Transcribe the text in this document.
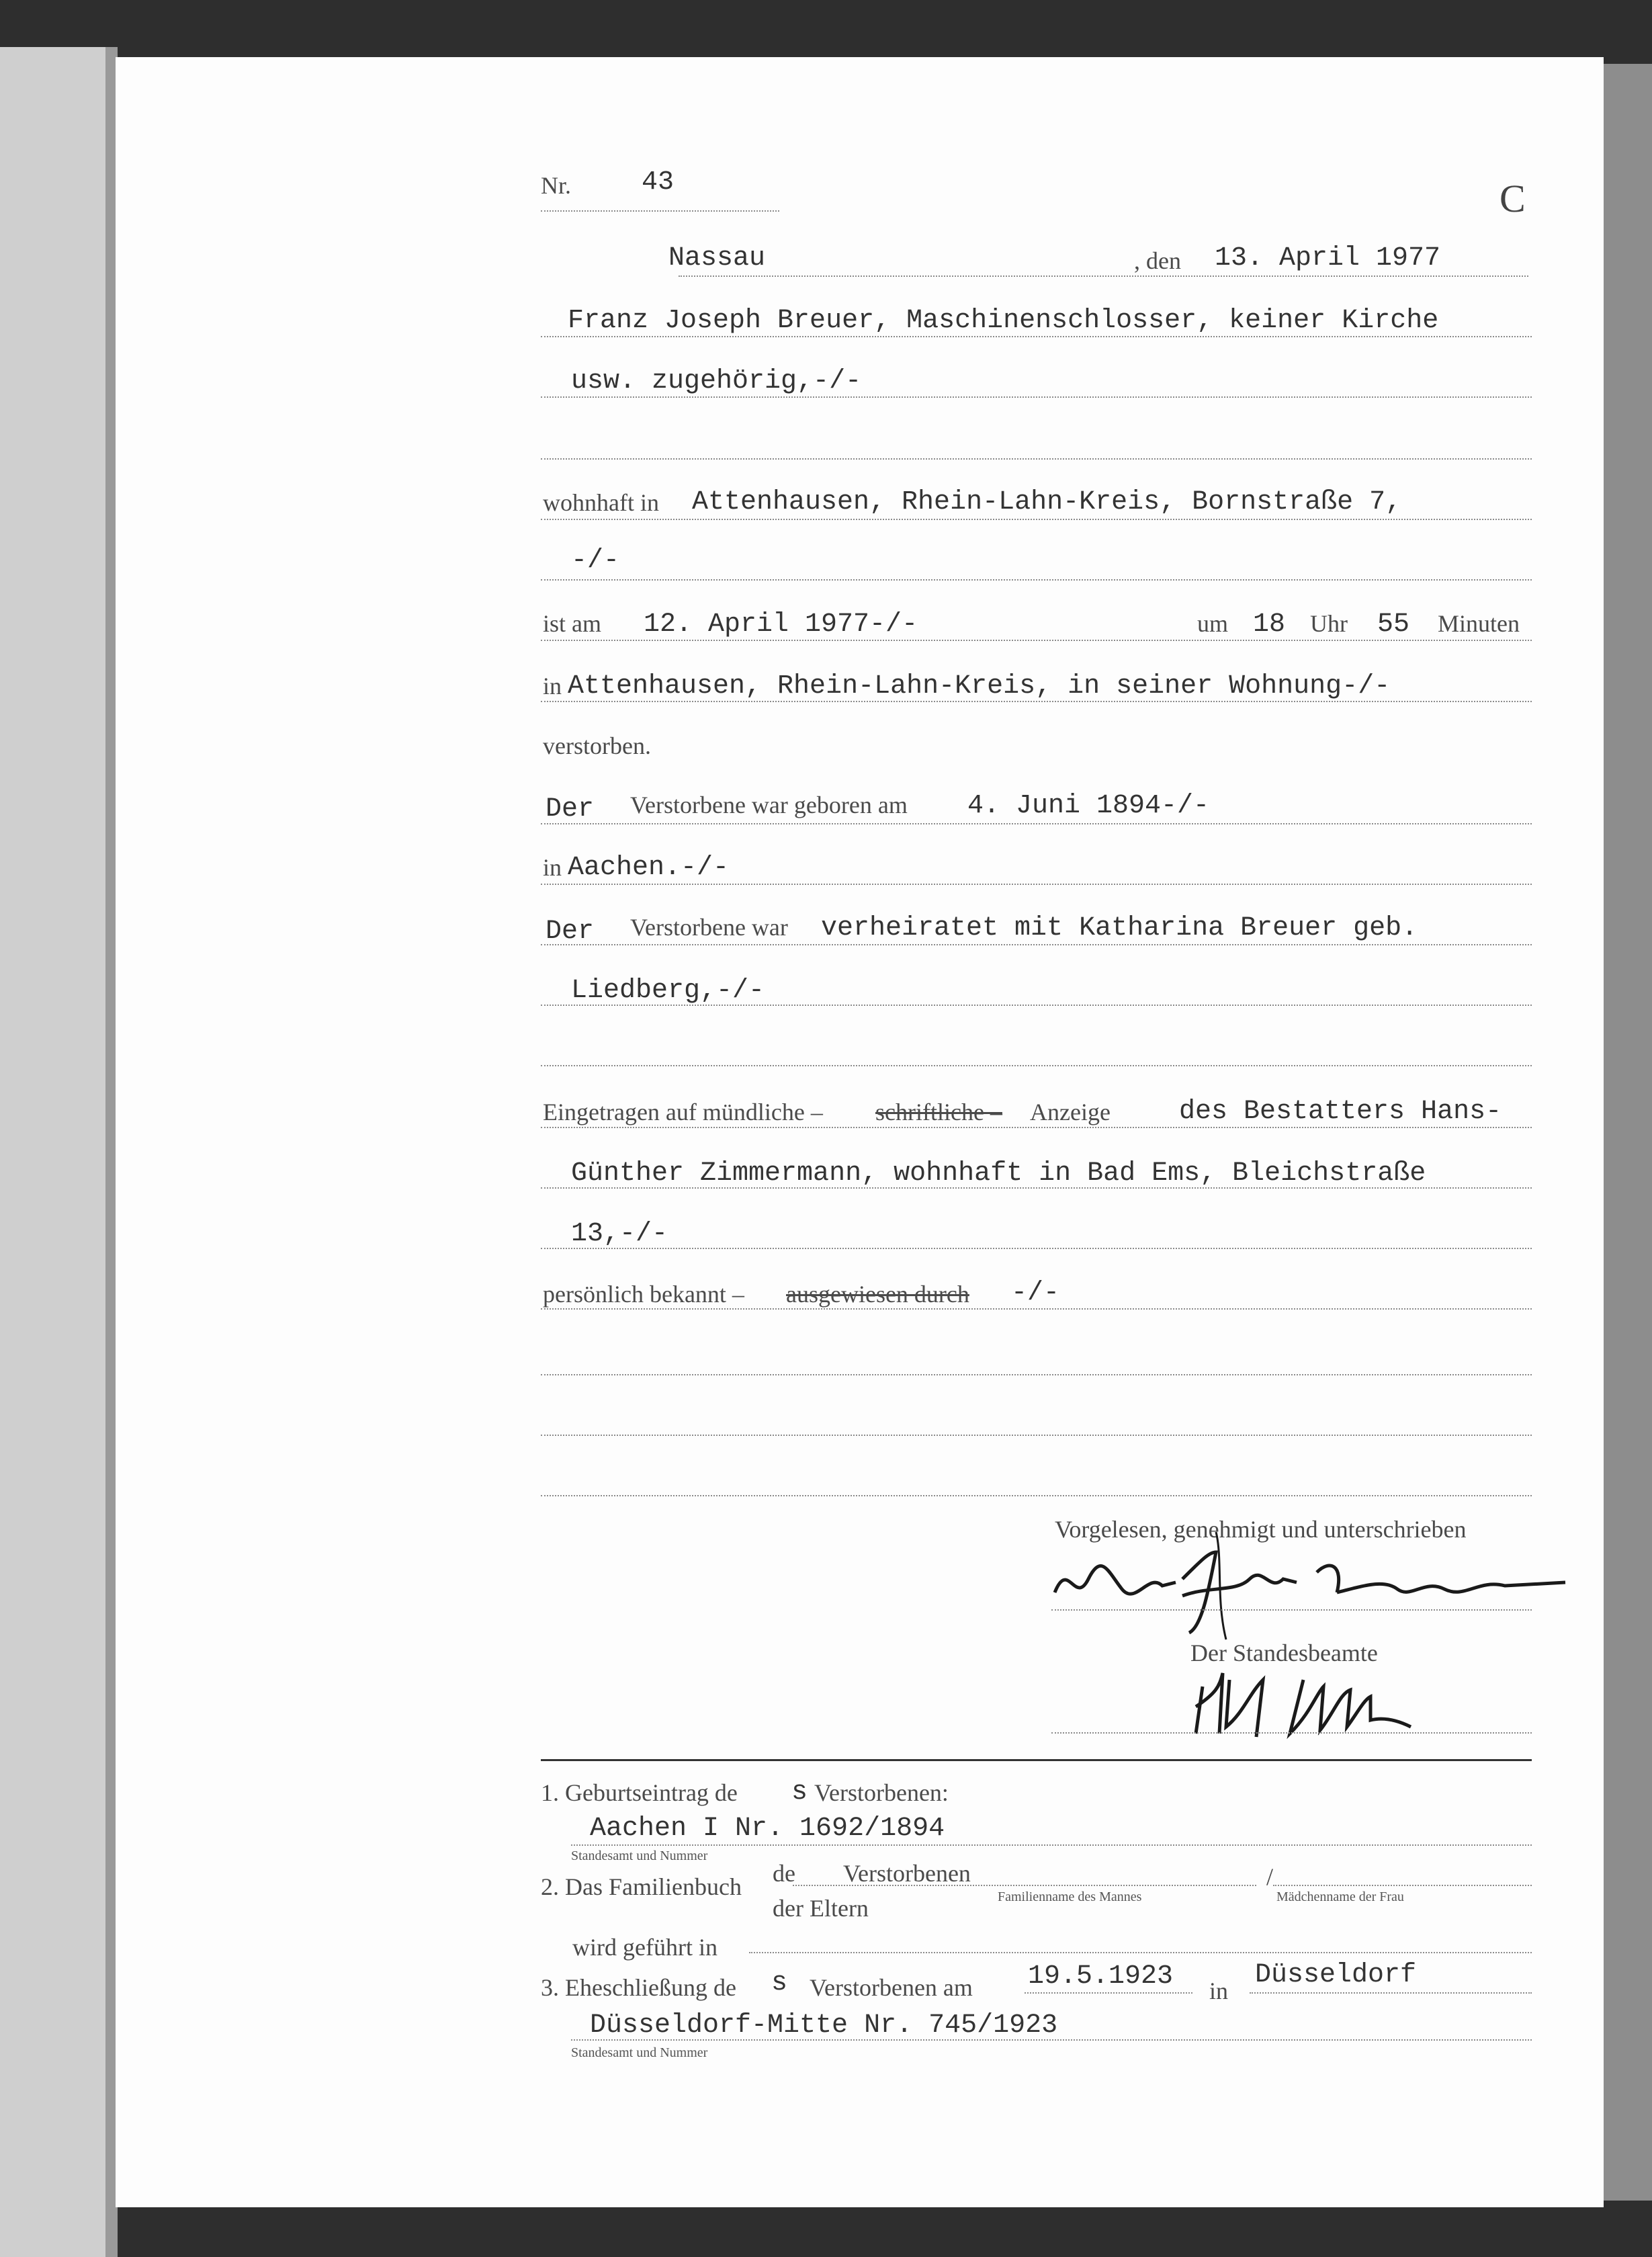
Nr.	43	C
Nassau	, den 13. April 1977
Franz Joseph Breuer, Maschinenschlosser, keiner Kirche
usw. zugehörig,-/-
wohnhaft in Attenhausen, Rhein-Lahn-Kreis, Bornstraße 7,
-/-
ist am 12. April 1977-/-	um 18 Uhr 55 Minuten
in Attenhausen, Rhein-Lahn-Kreis, in seiner Wohnung-/-
verstorben.
Der Verstorbene war geboren am 4. Juni 1894-/-
in Aachen.-/-
Der Verstorbene war verheiratet mit Katharina Breuer geb.
Liedberg,-/-
Eingetragen auf mündliche – schriftliche – Anzeige	des Bestatters Hans-
Günther Zimmermann, wohnhaft in Bad Ems, Bleichstraße
13,-/-
persönlich bekannt – ausgewiesen durch -/-
Vorgelesen, genehmigt und unterschrieben
Der Standesbeamte
1. Geburtseintrag de s Verstorbenen:
Aachen I Nr. 1692/1894
Standesamt und Nummer
2. Das Familienbuch de Verstorbenen
der Eltern	Familienname des Mannes
/
Mädchenname der Frau
wird geführt in
3. Eheschließung de s Verstorbenen am 19.5.1923 in
Düsseldorf
Düsseldorf-Mitte Nr. 745/1923
Standesamt und Nummer
